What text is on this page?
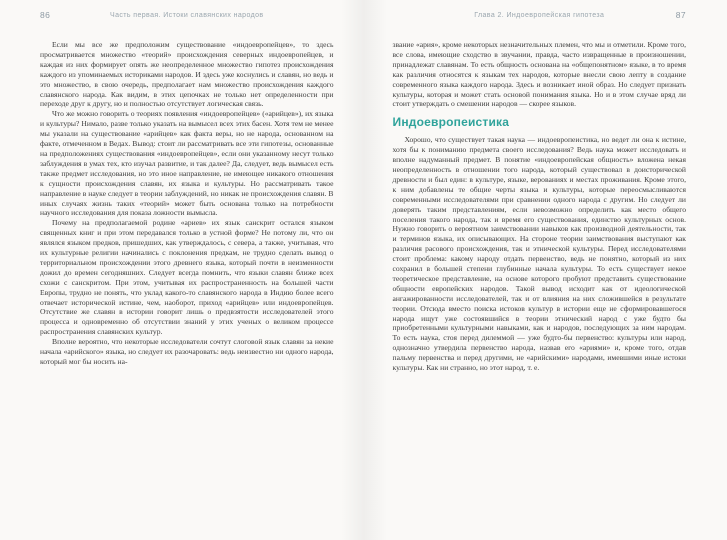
86	Часть первая. Истоки славянских народов

Если мы все же предположим существование «индоевропейцев», то здесь просматривается множество «теорий» происхождения северных индоевропейцев, и каждая из них формирует опять же неопределенное множество гипотез происхождения каждого из упоминаемых историками народов. И здесь уже коснулись и славян, но ведь и это множество, в свою очередь, предполагает нам множество происхождения каждого славянского народа. Как видим, в этих цепочках не только нет определенности при переходе друг к другу, но и полностью отсутствует логическая связь.

Что же можно говорить о теориях появления «индоевропейцев» («арийцев»), их языка и культуры? Нимало, разве только указать на вымысел всех этих басен. Хотя тем не менее мы указали на существование «арийцев» как факта веры, но не народа, основанном на факте, отмеченном в Ведах. Вывод: стоит ли рассматривать все эти гипотезы, основанные на предположениях существования «индоевропейцев», если они указанному несут только заблуждения в умах тех, кто изучал развитие, и так далее? Да, следует, ведь вымысел есть также предмет исследования, но это иное направление, не имеющее никакого отношения к сущности происхождения славян, их языка и культуры. Но рассматривать такое направление в науке следует в теории заблуждений, но никак не происхождения славян. В иных случаях жизнь таких «теорий» может быть основана только на потребности научного исследования для показа ложности вымысла.

Почему на предполагаемой родине «ариев» их язык санскрит остался языком священных книг и при этом передавался только в устной форме? Не потому ли, что он являлся языком предков, пришедших, как утверждалось, с севера, а также, учитывая, что их культурные религии начинались с поклонения предкам, не трудно сделать вывод о территориальном происхождении этого древнего языка, который почти в неизменности дожил до времен сегодняшних. Следует всегда помнить, что языки славян ближе всех схожи с санскритом. При этом, учитывая их распространенность на большей части Европы, трудно не понять, что уклад какого-то славянского народа в Индию более всего отвечает исторической истине, чем, наоборот, приход «арийцев» или индоевропейцев. Отсутствие же славян в истории говорит лишь о предвзятости исследователей этого процесса и одновременно об отсутствии знаний у этих ученых о великом процессе распространения славянских культур.

Вполне вероятно, что некоторые исследователи сочтут слоговой язык славян за некие начала «арийского» языка, но следует их разочаровать: ведь неизвестно ни одного народа, который мог бы носить на-

Глава 2. Индоевропейская гипотеза	87

звание «ария», кроме некоторых незначительных племен, что мы и отметили. Кроме того, все слова, имеющие сходство в звучании, правда, часто извращенные в произношении, принадлежат славянам. То есть общность основана на «общепонятном» языке, в то время как различия относятся к языкам тех народов, которые внесли свою лепту в создание современного языка каждого народа. Здесь и возникает иной образ. Но следует признать культуры, которая и может стать основой понимания языка. Но и в этом случае вряд ли стоит утверждать о смешении народов — скорее языков.

Индоевропеистика

Хорошо, что существует такая наука — индоевропеистика, но ведет ли она к истине, хотя бы к пониманию предмета своего исследования? Ведь наука может исследовать и вполне надуманный предмет. В понятие «индоевропейская общность» вложена некая неопределенность в отношении того народа, который существовал в доисторической древности и был един: в культуре, языке, верованиях и местах проживания. Кроме этого, к ним добавлены те общие черты языка и культуры, которые переосмысливаются современными исследователями при сравнении одного народа с другим. Но следует ли доверять таким представлениям, если невозможно определить как место общего поселения такого народа, так и время его существования, единство культурных основ. Нужно говорить о вероятном заимствовании навыков как производной деятельности, так и терминов языка, их описывающих. На стороне теории заимствования выступают как различия расового происхождения, так и этнической культуры. Перед исследователями стоит проблема: какому народу отдать первенство, ведь не понятно, который из них сохранил в большей степени глубинные начала культуры. То есть существует некое теоретическое представление, на основе которого пробуют представить существование общности европейских народов. Такой вывод исходит как от идеологической ангажированности исследователей, так и от влияния на них сложившейся в результате теории. Отсюда вместо поиска истоков культур в истории еще не сформировавшегося народа ищут уже состоявшийся в теории этнический народ с уже будто бы приобретенными культурными навыками, как и народов, последующих за ним народам. То есть наука, стоя перед дилеммой — уже будто-бы первенство: культуры или народ, однозначно утвердила первенство народа, назвав его «ариями» и, кроме того, отдав пальму первенства и перед другими, не «арийскими» народами, имевшими иные истоки культуры. Как ни странно, но этот народ, т. е.
